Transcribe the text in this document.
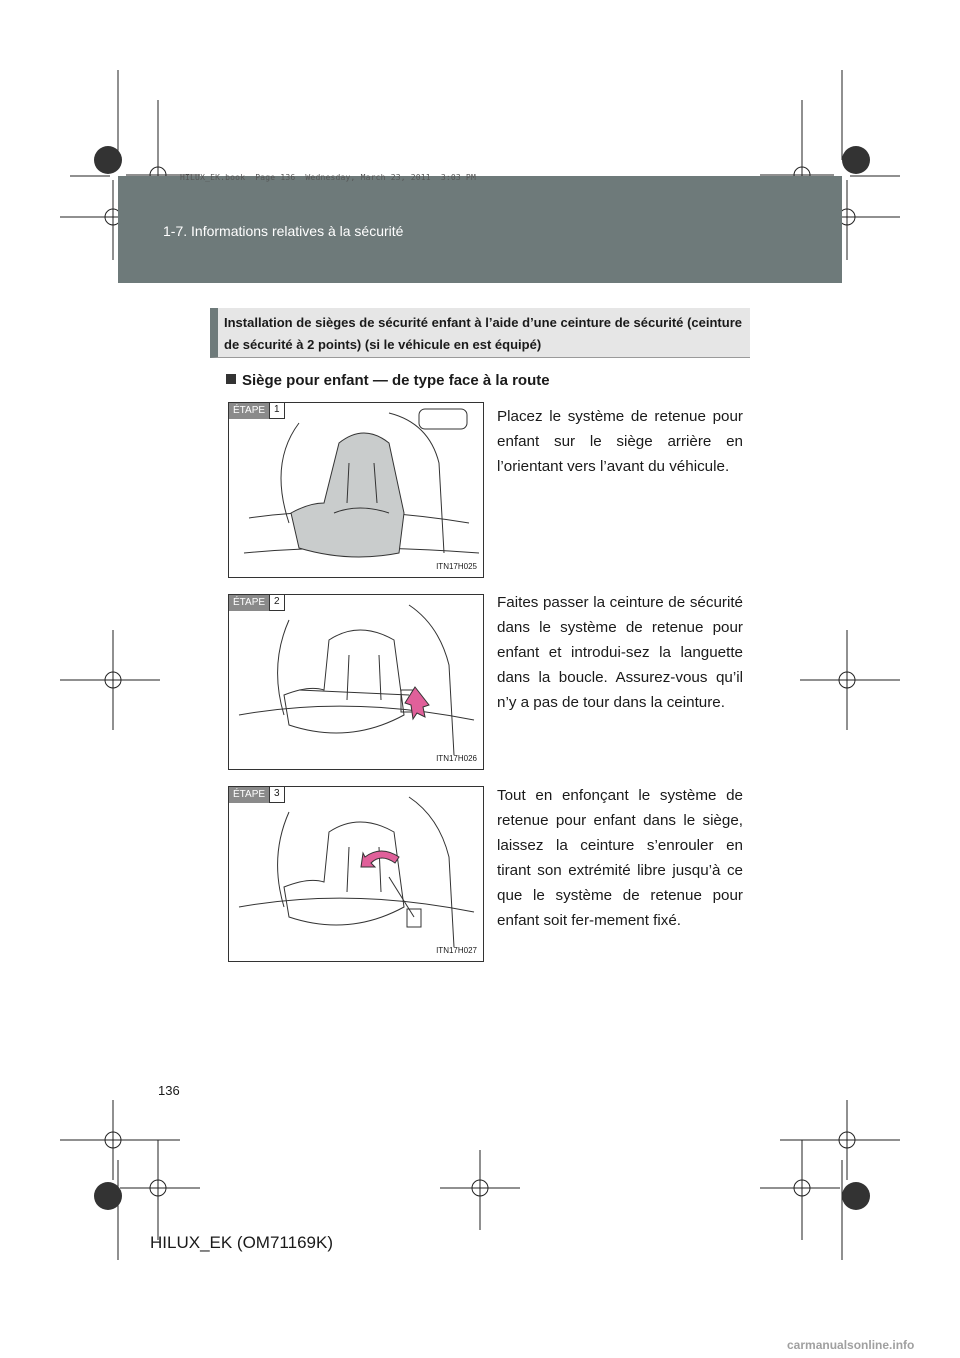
HILUX_EK.book  Page 136  Wednesday, March 23, 2011  3:03 PM
1-7. Informations relatives à la sécurité

Installation de sièges de sécurité enfant à l’aide d’une ceinture de sécurité (ceinture de sécurité à 2 points) (si le véhicule en est équipé)

Siège pour enfant — de type face à la route
ÉTAPE 1
ITN17H025
Placez le système de retenue pour enfant sur le siège arrière en l’orientant vers l’avant du véhicule.
ÉTAPE 2
ITN17H026
Faites passer la ceinture de sécurité dans le système de retenue pour enfant et introdui-sez la languette dans la boucle. Assurez-vous qu’il n’y a pas de tour dans la ceinture.
ÉTAPE 3
ITN17H027
Tout en enfonçant le système de retenue pour enfant dans le siège, laissez la ceinture s’enrouler en tirant son extrémité libre jusqu’à ce que le système de retenue pour enfant soit fer-mement fixé.
136
HILUX_EK (OM71169K)
carmanualsonline.info
